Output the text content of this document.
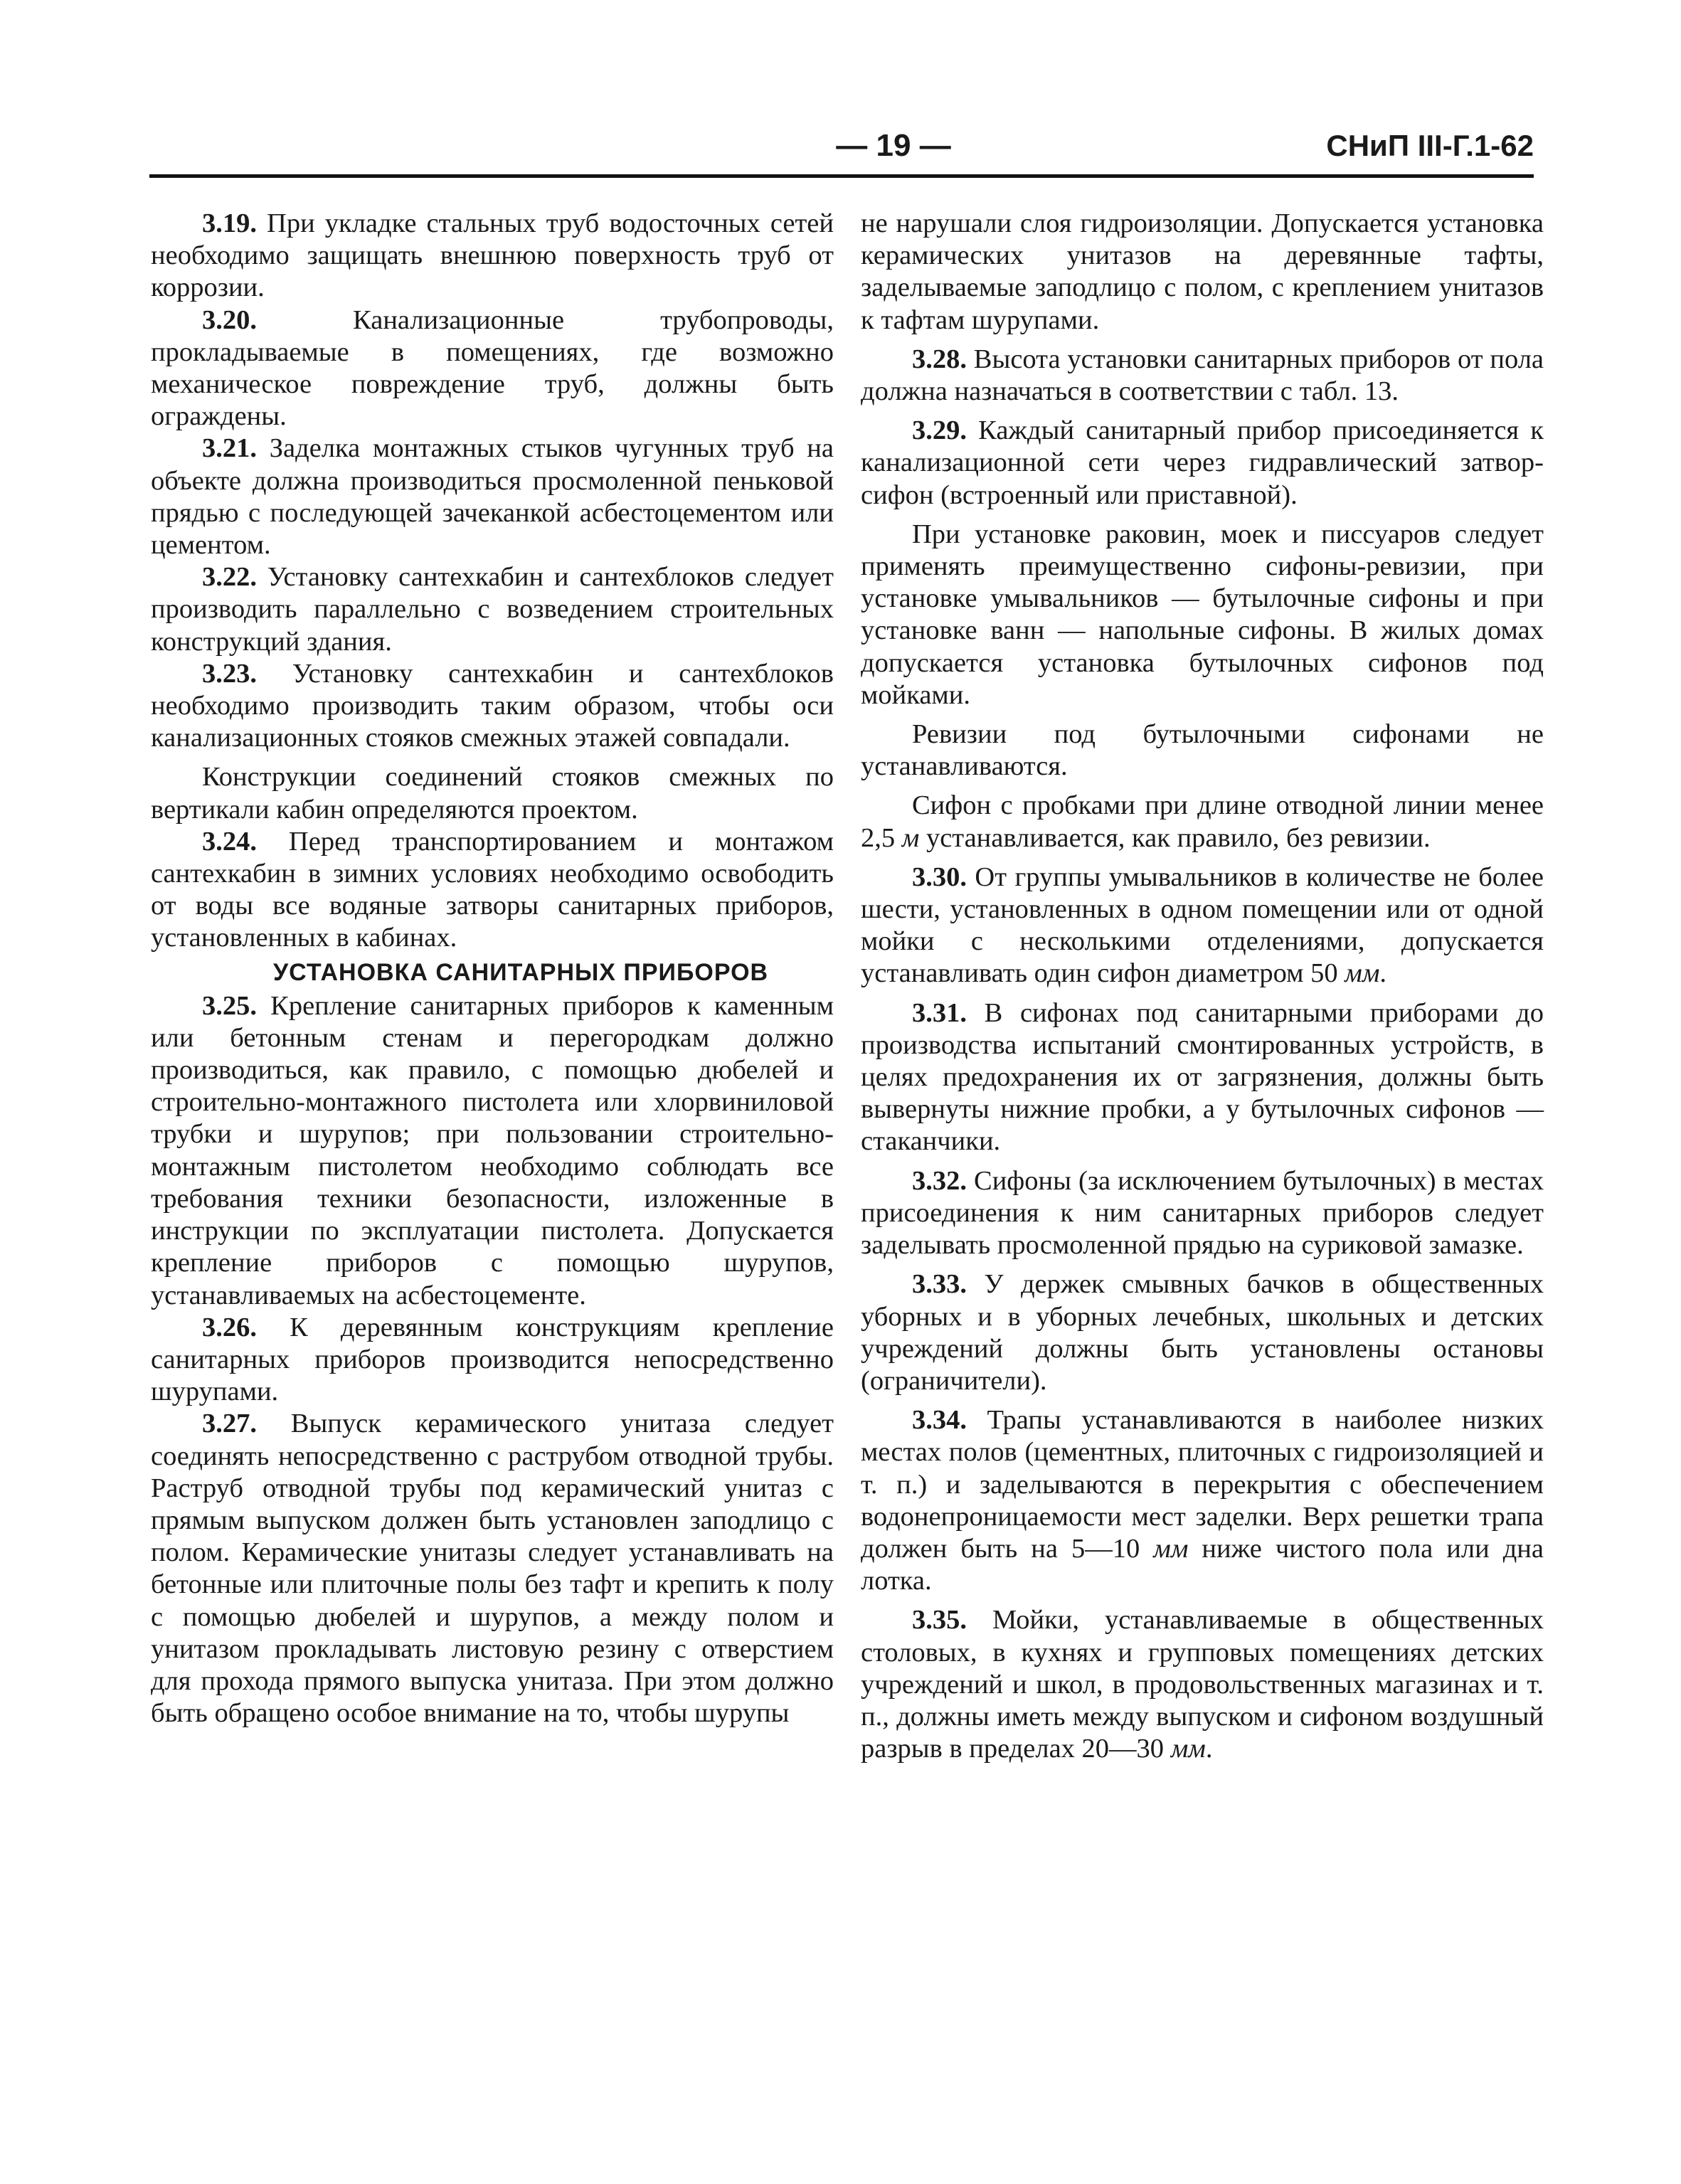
— 19 —	СНиП III-Г.1-62

3.19. При укладке стальных труб водосточных сетей необходимо защищать внешнюю поверхность труб от коррозии.

3.20. Канализационные трубопроводы, прокладываемые в помещениях, где возможно механическое повреждение труб, должны быть ограждены.

3.21. Заделка монтажных стыков чугунных труб на объекте должна производиться просмоленной пеньковой прядью с последующей зачеканкой асбестоцементом или цементом.

3.22. Установку сантехкабин и сантехблоков следует производить параллельно с возведением строительных конструкций здания.

3.23. Установку сантехкабин и сантехблоков необходимо производить таким образом, чтобы оси канализационных стояков смежных этажей совпадали.

Конструкции соединений стояков смежных по вертикали кабин определяются проектом.

3.24. Перед транспортированием и монтажом сантехкабин в зимних условиях необходимо освободить от воды все водяные затворы санитарных приборов, установленных в кабинах.

УСТАНОВКА САНИТАРНЫХ ПРИБОРОВ

3.25. Крепление санитарных приборов к каменным или бетонным стенам и перегородкам должно производиться, как правило, с помощью дюбелей и строительно-монтажного пистолета или хлорвиниловой трубки и шурупов; при пользовании строительно-монтажным пистолетом необходимо соблюдать все требования техники безопасности, изложенные в инструкции по эксплуатации пистолета. Допускается крепление приборов с помощью шурупов, устанавливаемых на асбестоцементе.

3.26. К деревянным конструкциям крепление санитарных приборов производится непосредственно шурупами.

3.27. Выпуск керамического унитаза следует соединять непосредственно с раструбом отводной трубы. Раструб отводной трубы под керамический унитаз с прямым выпуском должен быть установлен заподлицо с полом. Керамические унитазы следует устанавливать на бетонные или плиточные полы без тафт и крепить к полу с помощью дюбелей и шурупов, а между полом и унитазом прокладывать листовую резину с отверстием для прохода прямого выпуска унитаза. При этом должно быть обращено особое внимание на то, чтобы шурупы

не нарушали слоя гидроизоляции. Допускается установка керамических унитазов на деревянные тафты, заделываемые заподлицо с полом, с креплением унитазов к тафтам шурупами.

3.28. Высота установки санитарных приборов от пола должна назначаться в соответствии с табл. 13.

3.29. Каждый санитарный прибор присоединяется к канализационной сети через гидравлический затвор-сифон (встроенный или приставной).

При установке раковин, моек и писсуаров следует применять преимущественно сифоны-ревизии, при установке умывальников — бутылочные сифоны и при установке ванн — напольные сифоны. В жилых домах допускается установка бутылочных сифонов под мойками.

Ревизии под бутылочными сифонами не устанавливаются.

Сифон с пробками при длине отводной линии менее 2,5 м устанавливается, как правило, без ревизии.

3.30. От группы умывальников в количестве не более шести, установленных в одном помещении или от одной мойки с несколькими отделениями, допускается устанавливать один сифон диаметром 50 мм.

3.31. В сифонах под санитарными приборами до производства испытаний смонтированных устройств, в целях предохранения их от загрязнения, должны быть вывернуты нижние пробки, а у бутылочных сифонов — стаканчики.

3.32. Сифоны (за исключением бутылочных) в местах присоединения к ним санитарных приборов следует заделывать просмоленной прядью на суриковой замазке.

3.33. У держек смывных бачков в общественных уборных и в уборных лечебных, школьных и детских учреждений должны быть установлены остановы (ограничители).

3.34. Трапы устанавливаются в наиболее низких местах полов (цементных, плиточных с гидроизоляцией и т. п.) и заделываются в перекрытия с обеспечением водонепроницаемости мест заделки. Верх решетки трапа должен быть на 5—10 мм ниже чистого пола или дна лотка.

3.35. Мойки, устанавливаемые в общественных столовых, в кухнях и групповых помещениях детских учреждений и школ, в продовольственных магазинах и т. п., должны иметь между выпуском и сифоном воздушный разрыв в пределах 20—30 мм.
